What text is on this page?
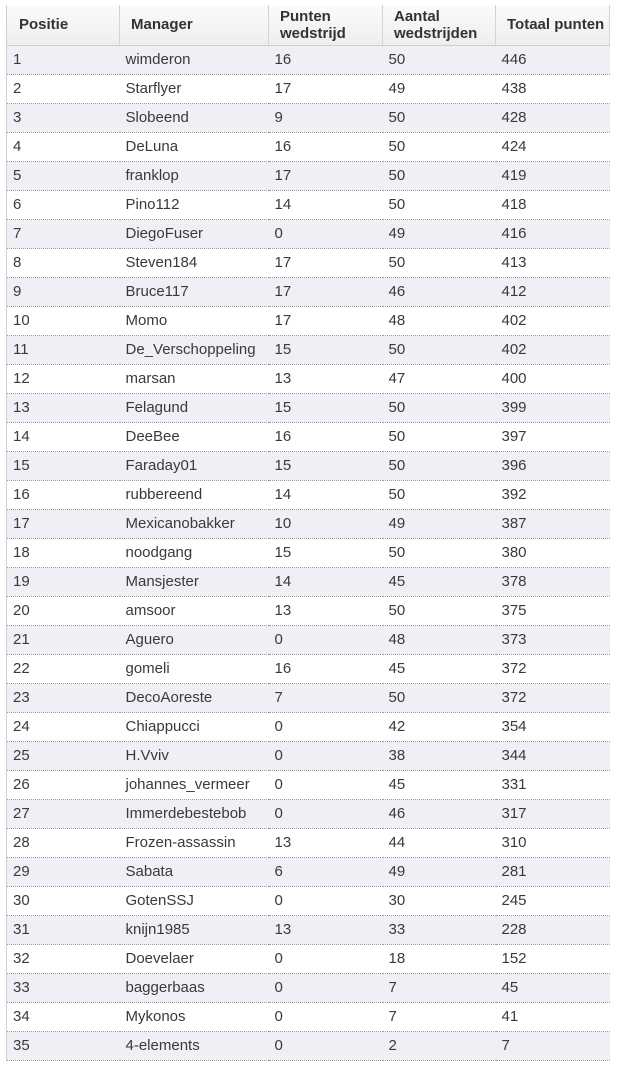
Positie	Manager	Punten wedstrijd	Aantal wedstrijden	Totaal punten
1	wimderon	16	50	446
2	Starflyer	17	49	438
3	Slobeend	9	50	428
4	DeLuna	16	50	424
5	franklop	17	50	419
6	Pino112	14	50	418
7	DiegoFuser	0	49	416
8	Steven184	17	50	413
9	Bruce117	17	46	412
10	Momo	17	48	402
11	De_Verschoppeling	15	50	402
12	marsan	13	47	400
13	Felagund	15	50	399
14	DeeBee	16	50	397
15	Faraday01	15	50	396
16	rubbereend	14	50	392
17	Mexicanobakker	10	49	387
18	noodgang	15	50	380
19	Mansjester	14	45	378
20	amsoor	13	50	375
21	Aguero	0	48	373
22	gomeli	16	45	372
23	DecoAoreste	7	50	372
24	Chiappucci	0	42	354
25	H.Vviv	0	38	344
26	johannes_vermeer	0	45	331
27	Immerdebestebob	0	46	317
28	Frozen-assassin	13	44	310
29	Sabata	6	49	281
30	GotenSSJ	0	30	245
31	knijn1985	13	33	228
32	Doevelaer	0	18	152
33	baggerbaas	0	7	45
34	Mykonos	0	7	41
35	4-elements	0	2	7
